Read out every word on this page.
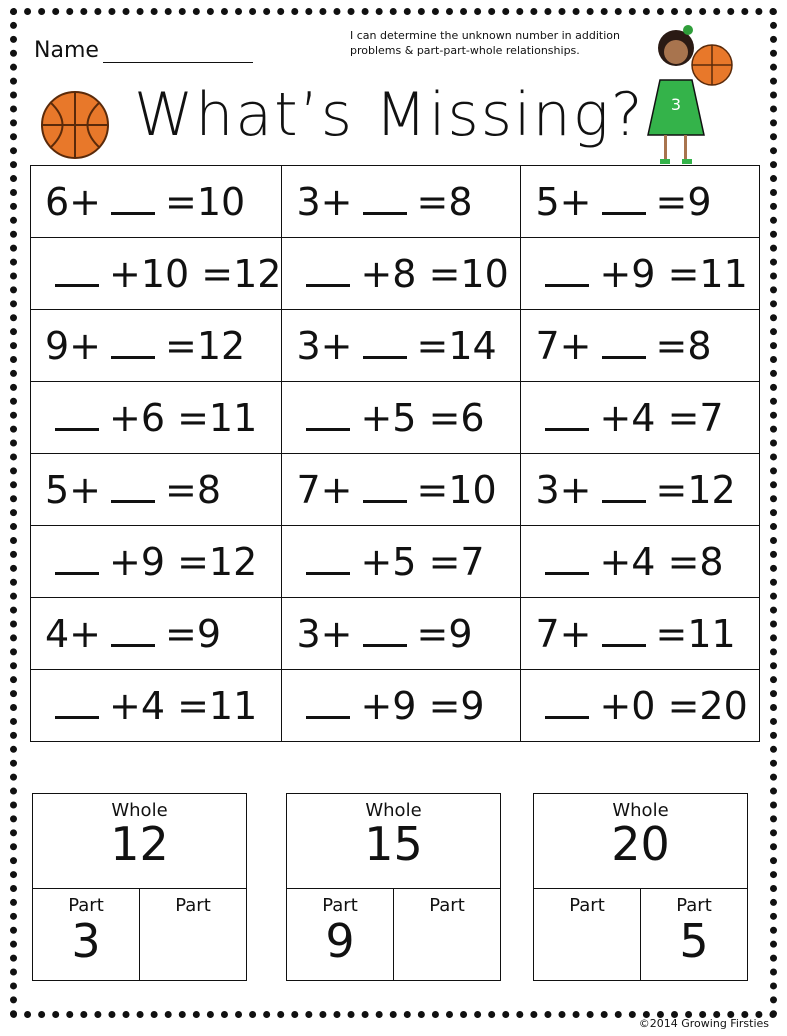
Name
I can determine the unknown number in addition problems & part-part-whole relationships.
What’s Missing? 3
6+ =10	3+ =8	5+ =9
+10 =12	+8 =10	+9 =11
9+ =12	3+ =14	7+ =8
+6 =11	+5 =6	+4 =7
5+ =8	7+ =10	3+ =12
+9 =12	+5 =7	+4 =8
4+ =9	3+ =9	7+ =11
+4 =11	+9 =9	+0 =20
Whole
12
Part
3
Part
Whole
15
Part
9
Part
Whole
20
Part	Part
5
©2014 Growing Firsties
